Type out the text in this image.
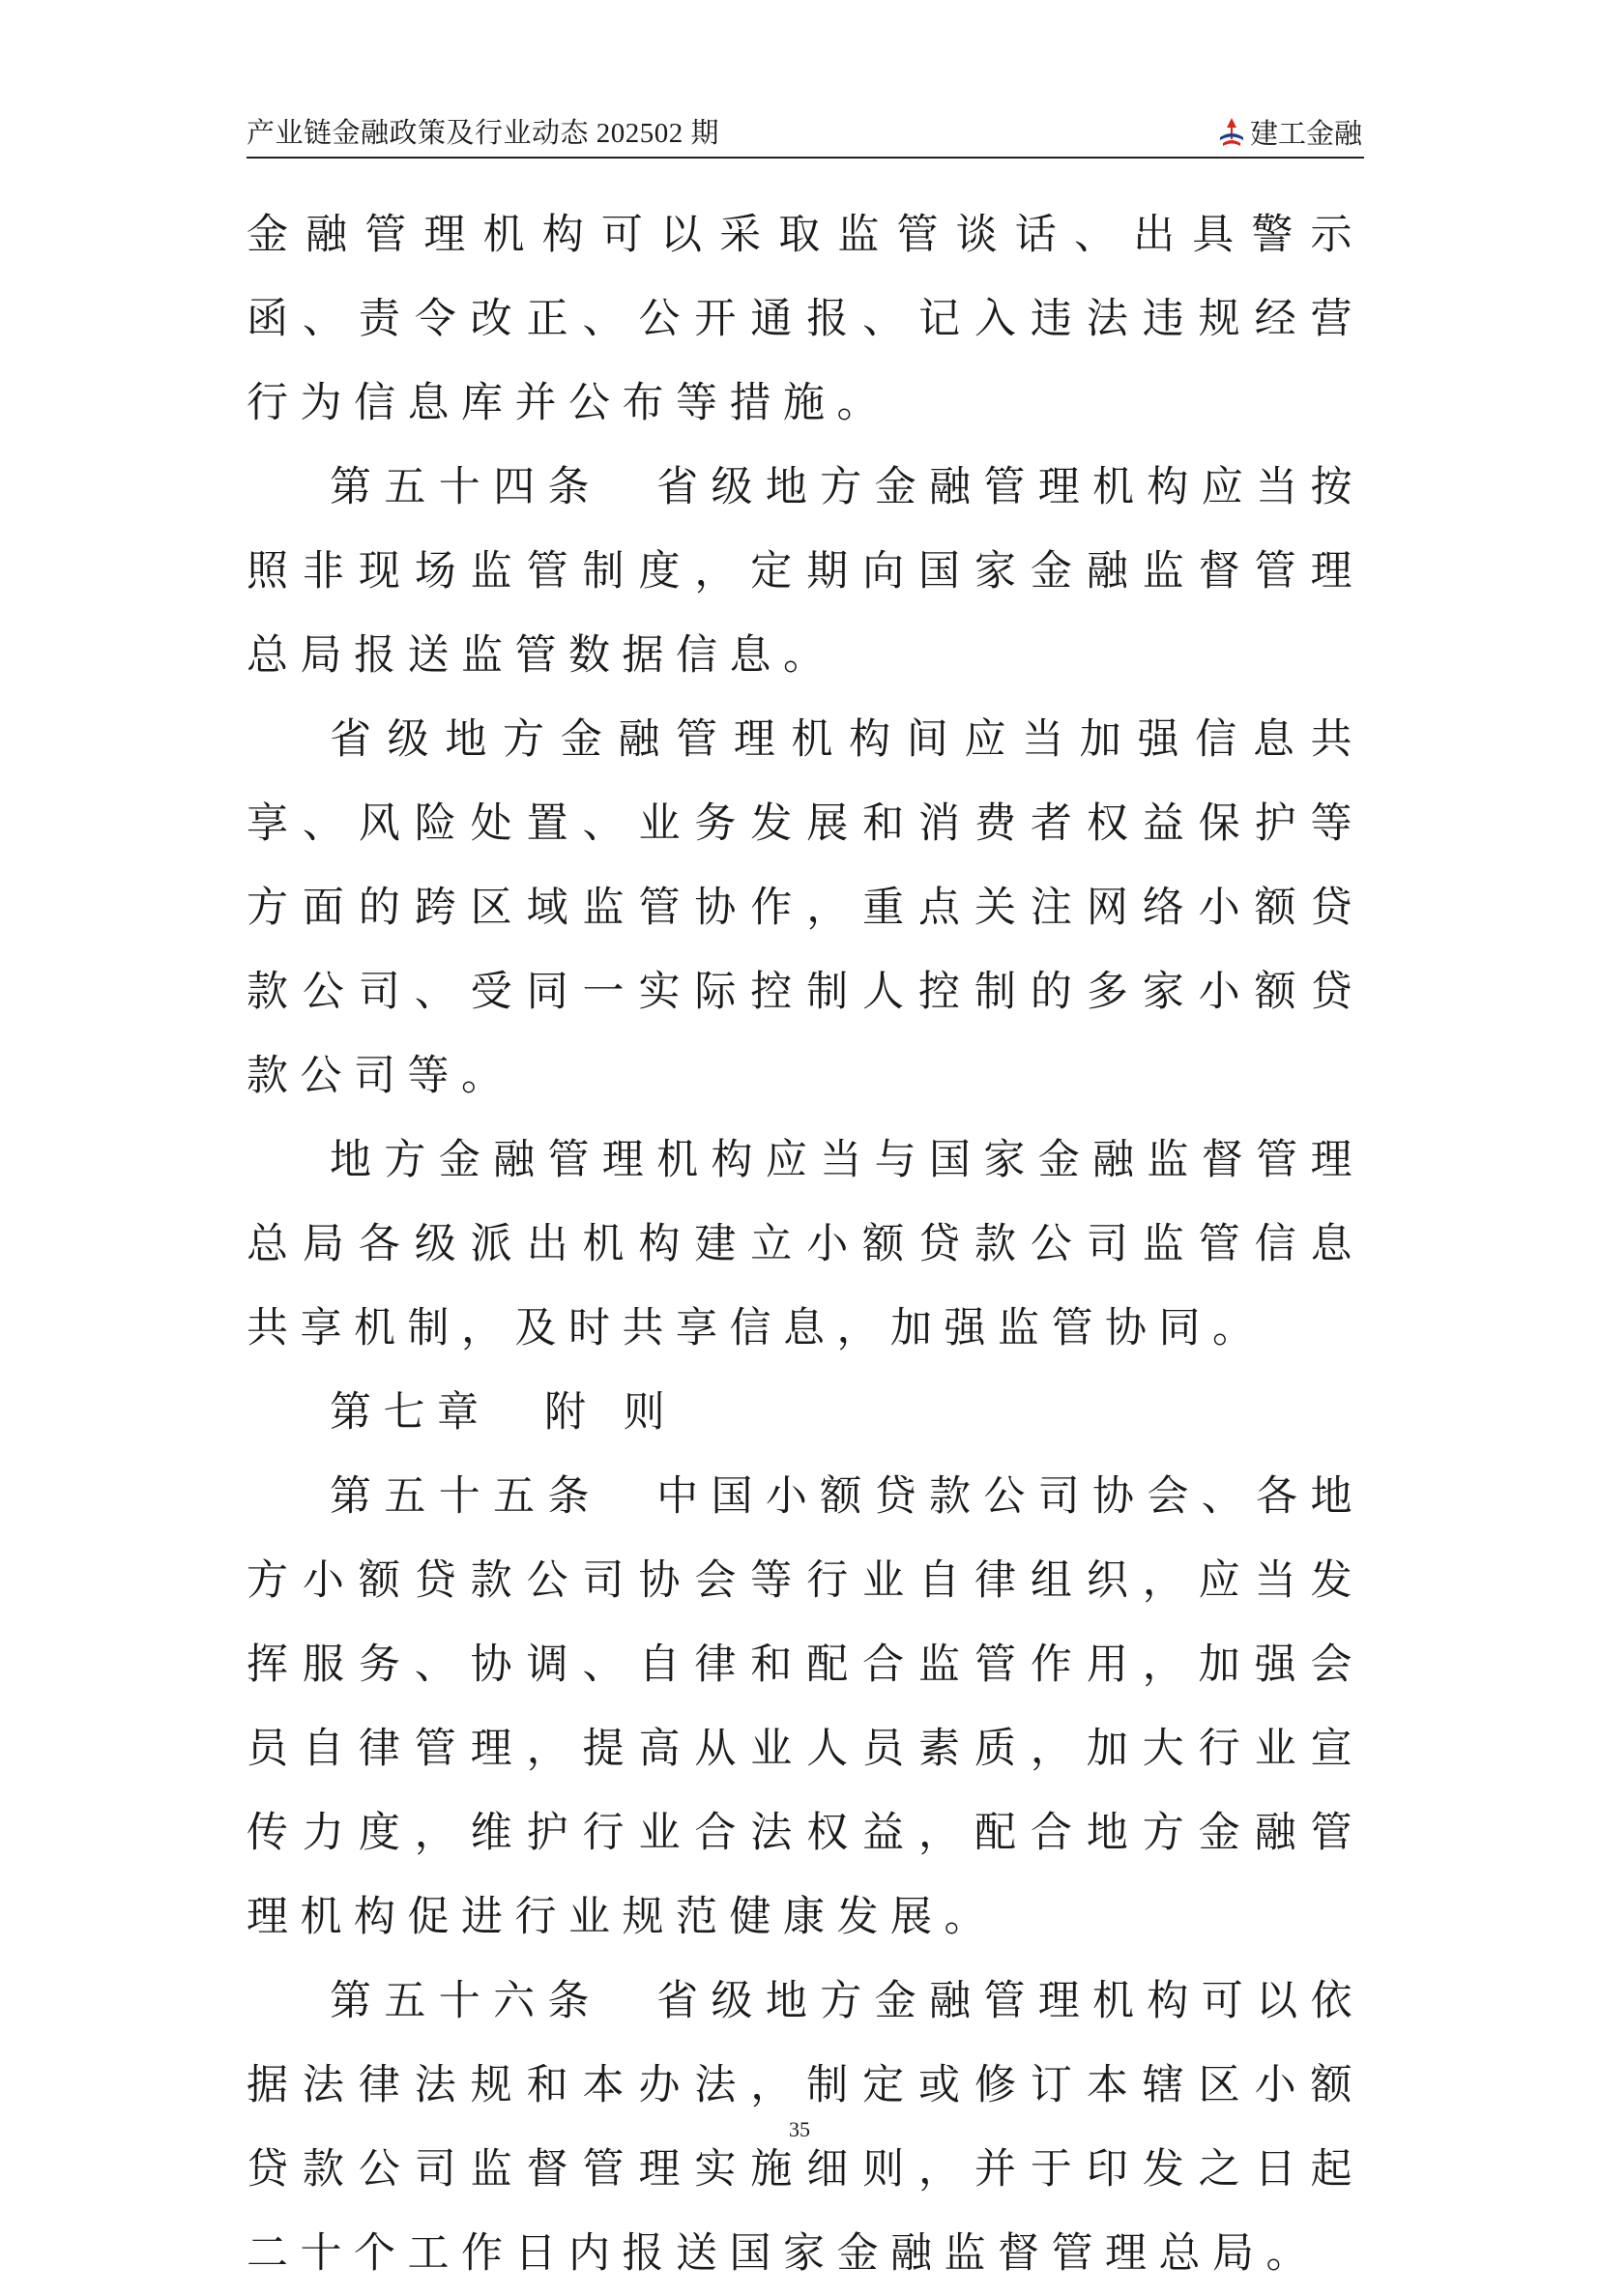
产业链金融政策及行业动态 202502 期	建工金融

金融管理机构可以采取监管谈话、出具警示函、责令改正、公开通报、记入违法违规经营行为信息库并公布等措施。

第五十四条　省级地方金融管理机构应当按照非现场监管制度，定期向国家金融监督管理总局报送监管数据信息。

省级地方金融管理机构间应当加强信息共享、风险处置、业务发展和消费者权益保护等方面的跨区域监管协作，重点关注网络小额贷款公司、受同一实际控制人控制的多家小额贷款公司等。

地方金融管理机构应当与国家金融监督管理总局各级派出机构建立小额贷款公司监管信息共享机制，及时共享信息，加强监管协同。

第七章　附 则

第五十五条　中国小额贷款公司协会、各地方小额贷款公司协会等行业自律组织，应当发挥服务、协调、自律和配合监管作用，加强会员自律管理，提高从业人员素质，加大行业宣传力度，维护行业合法权益，配合地方金融管理机构促进行业规范健康发展。

第五十六条　省级地方金融管理机构可以依据法律法规和本办法，制定或修订本辖区小额贷款公司监督管理实施细则，并于印发之日起二十个工作日内报送国家金融监督管理总局。

35
